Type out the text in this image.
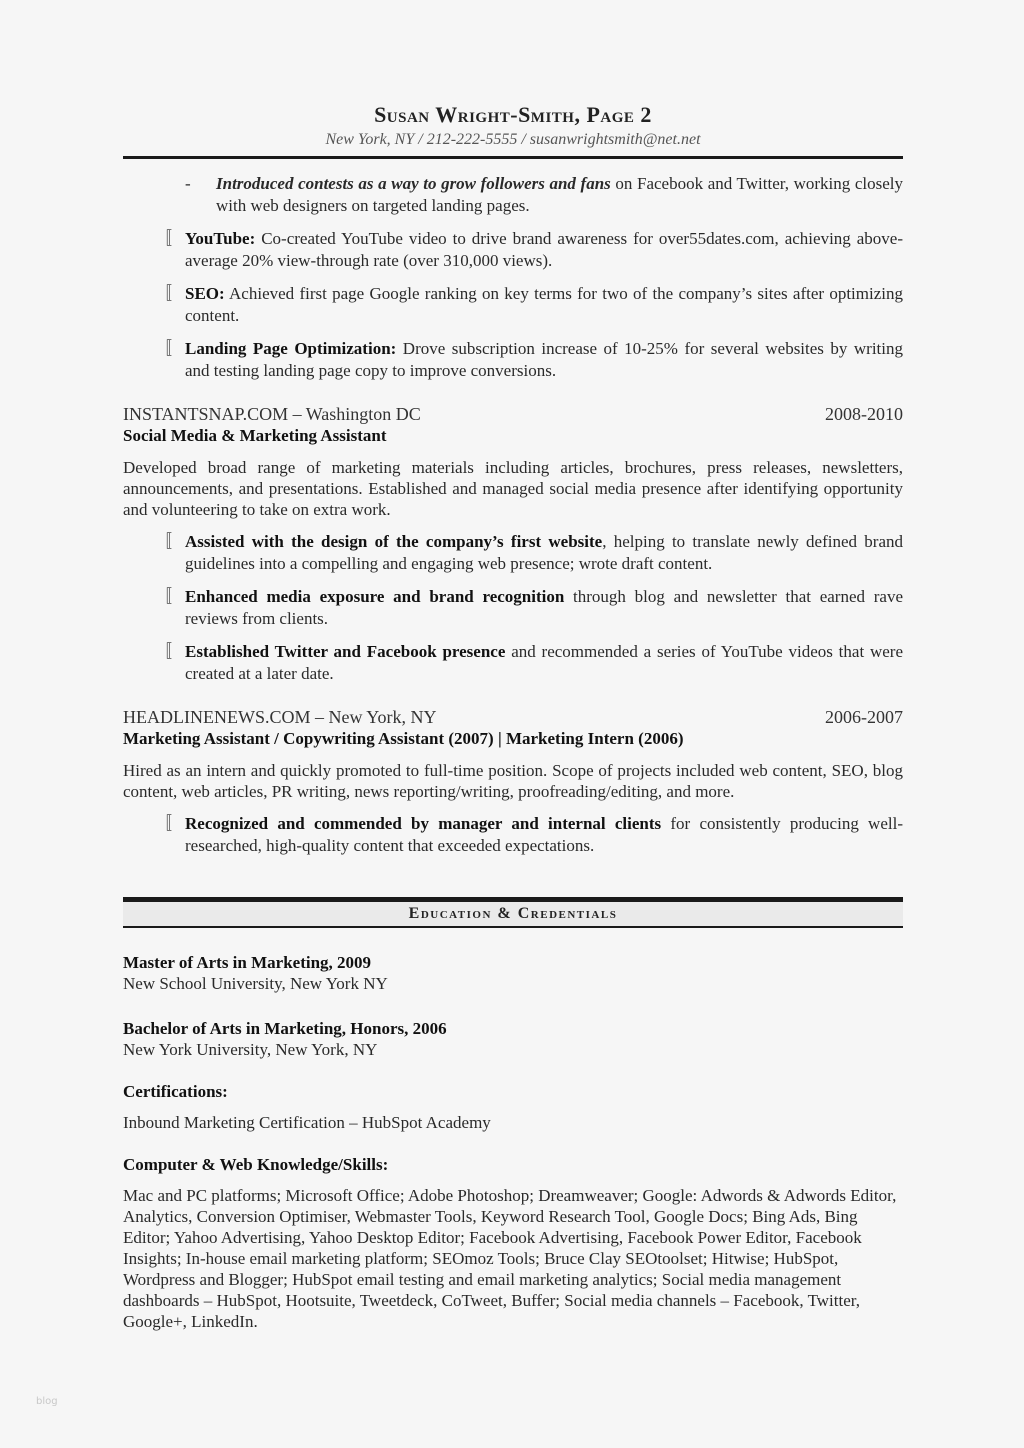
Susan Wright-Smith, Page 2
New York, NY / 212-222-5555 / susanwrightsmith@net.net
- Introduced contests as a way to grow followers and fans on Facebook and Twitter, working closely with web designers on targeted landing pages.
〚 YouTube: Co-created YouTube video to drive brand awareness for over55dates.com, achieving above-average 20% view-through rate (over 310,000 views).
〚 SEO: Achieved first page Google ranking on key terms for two of the company’s sites after optimizing content.
〚 Landing Page Optimization: Drove subscription increase of 10-25% for several websites by writing and testing landing page copy to improve conversions.
INSTANTSNAP.COM – Washington DC	2008-2010
Social Media & Marketing Assistant
Developed broad range of marketing materials including articles, brochures, press releases, newsletters, announcements, and presentations. Established and managed social media presence after identifying opportunity and volunteering to take on extra work.
〚 Assisted with the design of the company’s first website, helping to translate newly defined brand guidelines into a compelling and engaging web presence; wrote draft content.
〚 Enhanced media exposure and brand recognition through blog and newsletter that earned rave reviews from clients.
〚 Established Twitter and Facebook presence and recommended a series of YouTube videos that were created at a later date.
HEADLINENEWS.COM – New York, NY	2006-2007
Marketing Assistant / Copywriting Assistant (2007) | Marketing Intern (2006)
Hired as an intern and quickly promoted to full-time position. Scope of projects included web content, SEO, blog content, web articles, PR writing, news reporting/writing, proofreading/editing, and more.
〚 Recognized and commended by manager and internal clients for consistently producing well-researched, high-quality content that exceeded expectations.
Education & Credentials
Master of Arts in Marketing, 2009
New School University, New York NY
Bachelor of Arts in Marketing, Honors, 2006
New York University, New York, NY
Certifications:
Inbound Marketing Certification – HubSpot Academy
Computer & Web Knowledge/Skills:
Mac and PC platforms; Microsoft Office; Adobe Photoshop; Dreamweaver; Google: Adwords & Adwords Editor, Analytics, Conversion Optimiser, Webmaster Tools, Keyword Research Tool, Google Docs; Bing Ads, Bing Editor; Yahoo Advertising, Yahoo Desktop Editor; Facebook Advertising, Facebook Power Editor, Facebook Insights; In-house email marketing platform; SEOmoz Tools; Bruce Clay SEOtoolset; Hitwise; HubSpot, Wordpress and Blogger; HubSpot email testing and email marketing analytics; Social media management dashboards – HubSpot, Hootsuite, Tweetdeck, CoTweet, Buffer; Social media channels – Facebook, Twitter, Google+, LinkedIn.
blog
